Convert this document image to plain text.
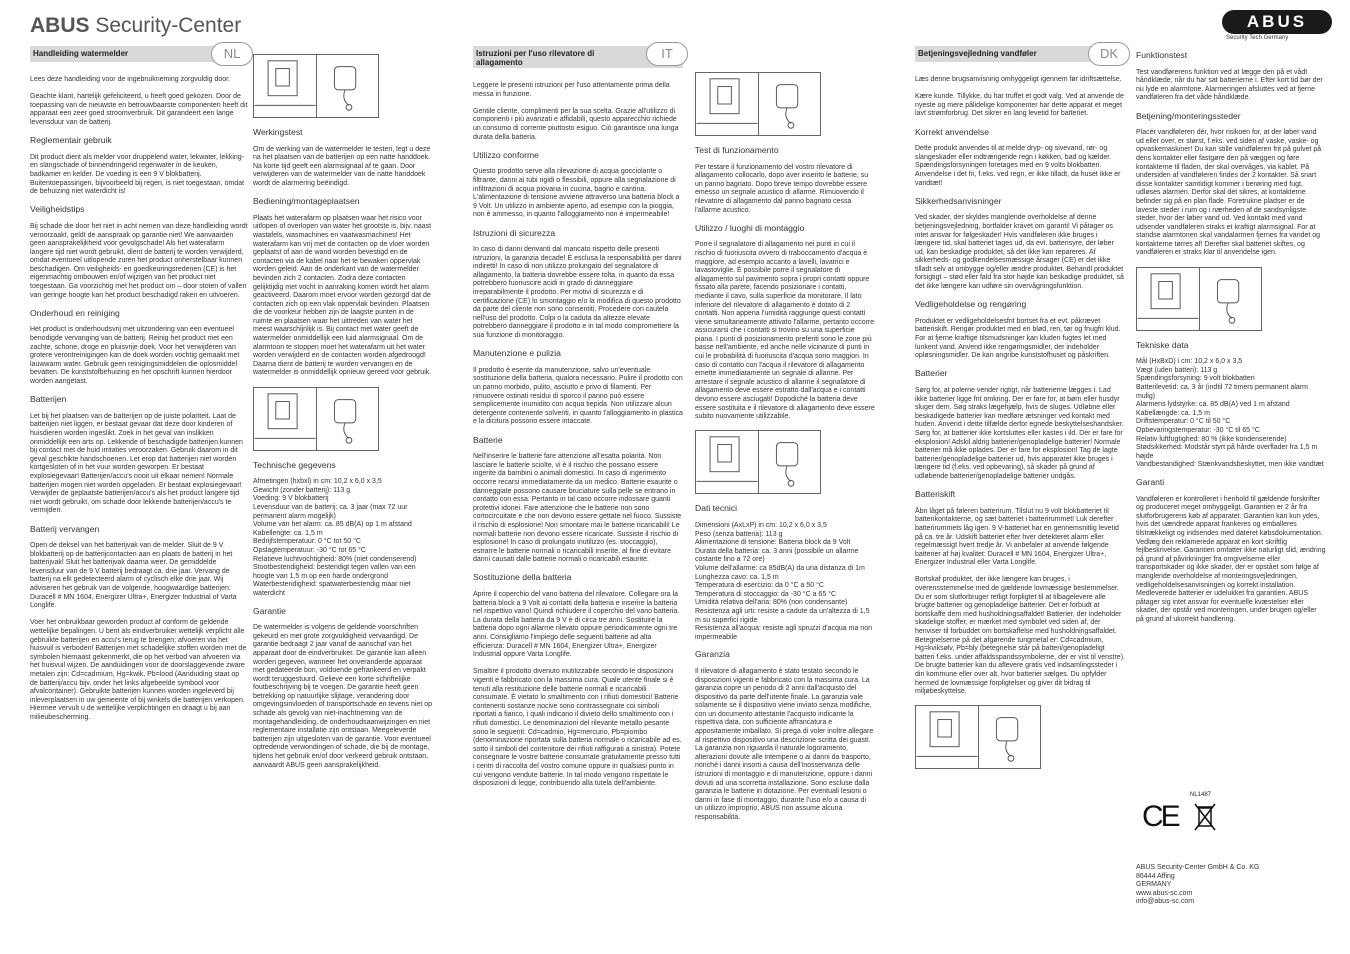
ABUS Security-Center	ABUS
Security Tech Germany
Handleiding watermelder	NL

Lees deze handleiding voor de ingebruikneming zorgvuldig door.

Geachte klant, hartelijk gefeliciteerd, u heeft goed gekozen. Door de toepassing van de nieuwste en betrouwbaarste componenten heeft dit apparaat een zeer goed stroomverbruik. Dit garandeert een lange levensduur van de batterij.

Reglementair gebruik

Dit product dient als melder voor druppelend water, lekwater, lekking- en slangschade of binnendringend regenwater in de keuken, badkamer en kelder. De voeding is een 9 V blokbatterij. Buitentoepassingen, bijvoorbeeld bij regen, is niet toegestaan, omdat de behuizing niet waterdicht is!

Veiligheidstips

Bij schade die door het niet in acht nemen van deze handleiding wordt veroorzaakt, geldt de aanspraak op garantie niet! We aanvaarden geen aansprakelijkheid voor gevolgschade! Als het waterafarm langere tijd niet wordt gebruikt, dient de batterij te worden verwijderd, omdat eventueel uitlopende zuren het product onherstelbaar kunnen beschadigen. Om veiligheids- en goedkeuringsredenen (CE) is het eigenmachtig ombouwen en/of wijzigen van het product niet toegestaan. Ga voorzichtig met het product om – door stoten of vallen van geringe hoogte kan het product beschadigd raken en uitvoeren.

Onderhoud en reiniging

Het product is onderhoudsvrij met uitzondering van een eventueel benodigde vervanging van de batterij. Reinig het product met een zachte, schone, droge en pluisvrije doek. Voor het verwijderen van grotere verontreinigingen kan de doek worden vochtig gemaakt met lauwwarm water. Gebruik geen reinigingsmiddelen die oplosmiddel bevatten. De kunststofbehuizing en het opschrift kunnen hierdoor worden aangetast.

Batterijen

Let bij het plaatsen van de batterijen op de juiste polariteit. Laat de batterijen niet liggen, er bestaat gevaar dat deze door kinderen of huisdieren worden ingeslikt. Zoek in het geval van inslikken onmiddellijk een arts op. Lekkende of beschadigde batterijen kunnen bij contact met de huid irritaties veroorzaken. Gebruik daarom in dit geval geschikte handschoenen. Let erop dat batterijen niet worden kortgesloten of in het vuur worden geworpen. Er bestaat explosiegevaar! Batterijen/accu's nooit uit elkaar nemen! Normale batterijen mogen niet worden opgeladen. Er bestaat explosiegevaar! Verwijder de geplaatste batterijen/accu's als het product langere tijd niet wordt gebruikt, om schade door lekkende batterijen/accu's te vermijden.

Batterij vervangen

Open de deksel van het batterijvak van de melder. Sluit de 9 V blokbatterij op de batterijcontacten aan en plaats de batterij in het batterijvak! Sluit het batterijvak daarna weer. De gemiddelde levensduur van de 9 V batterij bedraagt ca. drie jaar. Vervang de batterij na elk gedetecteerd alarm of cyclisch elke drie jaar. Wij adviseren het gebruik van de volgende, hoogwaardige batterijen: Duracell # MN 1604, Energizer Ultra+, Energizer Industrial of Varta Longlife.

Voer het onbruikbaar geworden product af conform de geldende wettelijke bepalingen. U bent als eindverbruiker wettelijk verplicht alle gebruikte batterijen en accu's terug te brengen; afvoeren via het huisvuil is verboden! Batterijen met schadelijke stoffen worden met de symbolen hiernaast gekenmerkt, die op het verbod van afvoeren via het huisvuil wijzen. De aanduidingen voor de doorslaggevende zware metalen zijn: Cd=cadmium, Hg=kwik, Pb=lood (Aanduiding staat op de batterij/accu bijv. onder het links afgebeelde symbool voor afvalcontainer). Gebruikte batterijen kunnen worden ingeleverd bij inleverplaatsen in uw gemeente of bij winkels die batterijen verkopen. Hiermee vervult u de wettelijke verplichtingen en draagt u bij aan milieubescherming.

Werkingstest

Om de werking van de watermelder te testen, legt u deze na het plaatsen van de batterijen op een natte handdoek. Na korte tijd geeft een alarmsignaal af te gaan. Door verwijderen van de watermelder van de natte handdoek wordt de alarmering beëindigd.

Bediening/montageplaatsen

Plaats het waterafarm op plaatsen waar het risico voor uitlopen of overlopen van water het grootste is, bijv. naast wastafels, wasmachines en vaatwasmachines! Het waterafarm kan vrij met de contacten op de vloer worden geplaatst of aan de wand worden bevestigd en de contacten via de kabel naar het te bewaken oppervlak worden geleid. Aan de onderkant van de watermelder bevinden zich 2 contacten. Zodra deze contacten gelijktijdig met vocht in aanraking komen wordt het alarm geactiveerd. Daarom moet ervoor worden gezorgd dat de contacten zich op een vlak oppervlak bevinden. Plaatsen die de voorkeur hebben zijn de laagste punten in de ruimte en plaatsen waar het uittreden van water het meest waarschijnlijk is. Bij contact met water geeft de watermelder onmiddellijk een luid alarmsignaal. Om de alarmtoon te stoppen moet het waterafarm uit het water worden verwijderd en de contacten worden afgedroogd! Daarna dient de batterij te worden vervangen en de watermelder is onmiddellijk opnieuw gereed voor gebruik.

Technische gegevens
Afmetingen (hxbxl) in cm: 10,2 x 6,0 x 3,5
Gewicht (zonder batterij): 113 g
Voeding: 9 V blokbatterij
Levensduur van de batterij: ca. 3 jaar (max 72 uur permanent alarm mogelijk)
Volume van het alarm: ca. 85 dB(A) op 1 m afstand
Kabellengte: ca. 1,5 m
Bedrijfstemperatuur: 0 °C tot 50 °C
Opslagtemperatuur: -30 °C tot 65 °C
Relatieve luchtvochtigheid: 80% (niet condenserend)
Stootbestendigheid: bestendigt tegen vallen van een hoogte van 1,5 m op een harde ondergrond
Waterbestendigheid: spatwaterbestendig maar niet waterdicht
Garantie

De watermelder is volgens de geldende voorschriften gekeurd en met grote zorgvuldigheid vervaardigd. De garantie bedraagt 2 jaar vanaf de aanschaf van het apparaat door de eindverbruiker. De garantie kan alleen worden gegeven, wanneer het onveranderde apparaat met gedateerde bon, voldoende gefrankeerd en verpakt wordt teruggestuurd. Gelieve een korte schriftelijke foutbeschrijving bij te voegen. De garantie heeft geen betrekking op natuurlijke slijtage, verandering door omgevingsinvloeden of transportschade en tevens niet op schade als gevolg van niet-inachtneming van de montagehandleiding, de onderhoudsaanwijzingen en niet reglementaire installatie zijn ontstaan. Meegeleverde batterijen zijn uitgesloten van de garantie. Voor eventueel optredende verwondingen of schade, die bij de montage, tijdens het gebruik en/of door verkeerd gebruik ontstaan, aanvaardt ABUS geen aansprakelijkheid.

Istruzioni per l'uso rilevatore di allagamento
IT

Leggere le presenti istruzioni per l'uso attentamente prima della messa in funzione.

Gentile cliente, complimenti per la sua scelta. Grazie all'utilizzo di componenti i più avanzati e affidabili, questo apparecchio richiede un consumo di corrente piuttosto esiguo. Ciò garantisce una lunga durata della batteria.

Utilizzo conforme

Questo prodotto serve alla rilevazione di acqua gocciolante o filtrante, danni ai tubi rigidi o flessibili, oppure alla segnalazione di infiltrazioni di acqua piovana in cucina, bagno e cantina. L'alimentazione di tensione avviene attraverso una batteria block a 9 Volt. Un utilizzo in ambiente aperto, ad esempio con la pioggia, non è ammesso, in quanto l'alloggiamento non è impermeabile!

Istruzioni di sicurezza

In caso di danni derivanti dal mancato rispetto delle presenti istruzioni, la garanzia decade! È esclusa la responsabilità per danni indiretti! In caso di non utilizzo prolungato del segnalatore di allagamento, la batteria dovrebbe essere tolta, in quanto da essa potrebbero fuoriuscire acidi in grado di danneggiare irreparabilmente il prodotto. Per motivi di sicurezza e di certificazione (CE) lo smontaggio e/o la modifica di questo prodotto da parte del cliente non sono consentiti. Procedere con cautela nell'uso del prodotto. Colpi o la caduta da altezze elevate potrebbero danneggiare il prodotto e in tal modo compromettere la sua funzione di monitoraggio.

Manutenzione e pulizia

Il prodotto è esente da manutenzione, salvo un'eventuale sostituzione della batteria, qualora necessario. Pulire il prodotto con un panno morbido, pulito, asciutto e privo di filamenti. Per rimuovere ostinati residui di sporco il panno può essere semplicemente inumidito con acqua tiepida. Non utilizzare alcun detergente contenente solventi, in quanto l'alloggiamento in plastica e la dicitura possono essere intaccate.

Batterie

Nell'inserire le batterie fare attenzione all'esatta polarità. Non lasciare le batterie sciolte, vi è il rischio che possano essere ingerite da bambini o animali domestici. In caso di ingerimento occorre recarsi immediatamente da un medico. Batterie esaurite o danneggiate possono causare bruciature sulla pelle se entrano in contatto con essa. Pertanto in tal caso occorre indossare guanti protettivi idonei. Fare attenzione che le batterie non sono cortocircuitate e che non devono essere gettate nel fuoco. Sussiste il rischio di esplosione! Non smontare mai le batterie ricaricabili! Le normali batterie non devono essere ricaricate. Sussiste il rischio di esplosione! In caso di prolungato inutilizzo (es. stoccaggio), estrarre le batterie normali o ricaricabili inserite, al fine di evitare danni causati dalle batterie normali o ricaricabili esaurite.

Sostituzione della batteria

Aprire il coperchio del vano batteria del rilevatore. Collegare ora la batteria block a 9 Volt ai contatti della batteria e inserire la batteria nel rispettivo vano! Quindi richiudere il coperchio del vano batteria. La durata della batteria da 9 V è di circa tre anni. Sostituire la batteria dopo ogni allarme rilevato oppure periodicamente ogni tre anni. Consigliamo l'impiego delle seguenti batterie ad alta efficienza: Duracell # MN 1604, Energizer Ultra+, Energizer Industrial oppure Varta Longlife.

Smaltire il prodotto divenuto inutilizzabile secondo le disposizioni vigenti e fabbricato con la massima cura. Quale utente finale si è tenuti alla restituzione delle batterie normali e ricaricabili consumate. È vietato lo smaltimento con i rifiuti domestici! Batterie contenenti sostanze nocive sono contrassegnate coi simboli riportati a fianco, i quali indicano il divieto dello smaltimento con i rifiuti domestici. Le denominazioni del rilevante metallo pesante sono le seguenti: Cd=cadmio, Hg=mercurio, Pb=piombo (denominazione riportata sulla batteria normale o ricaricabile ad es. sotto il simboli del contenitore dei rifiuti raffigurati a sinistra). Potete consegnare le vostre batterie consumate gratuitamente presso tutti i centri di raccolta del vostro comune oppure in qualsiasi punto in cui vengono vendute batterie. In tal modo vengono rispettate le disposizioni di legge, contribuendo alla tutela dell'ambiente.

Test di funzionamento

Per testare il funzionamento del vostro rilevatore di allagamento collocarlo, dopo aver inserito le batterie, su un panno bagnato. Dopo breve tempo dovrebbe essere emesso un segnale acustico di allarme. Rimuovendo il rilevatore di allagamento dal panno bagnato cessa l'allarme acustico.

Utilizzo / luoghi di montaggio

Porre il segnalatore di allagamento nei punti in cui il rischio di fuoriuscita ovvero di traboccamento d'acqua è maggiore, ad esempio accanto a lavelli, lavatrici e lavastoviglie. È possibile porre il segnalatore di allagamento sul pavimento sopra i propri contatti oppure fissato alla parete, facendo posizionare i contatti, mediante il cavo, sulla superficie da monitorare. Il lato inferiore del rilevatore di allagamento è dotato di 2 contatti. Non appena l'umidità raggiunge questi contatti viene simultaneamente attivato l'allarme, pertanto occorre assicurarsi che i contatti si trovino su una superficie piana. I punti di posizionamento preferiti sono le zone più basse nell'ambiente, ed anche nelle vicinanze di punti in cui le probabilità di fuoriuscita d'acqua sono maggiori. In caso di contatto con l'acqua il rilevatore di allagamento emette immediatamente un segnale di allarme. Per arrestare il segnale acustico di allarme il segnalatore di allagamento deve essere estratto dall'acqua e i contatti devono essere asciugati! Dopodiché la batteria deve essere sostituita e il rilevatore di allagamento deve essere subito nuovamente utilizzabile.

Dati tecnici
Dimensioni (AxLxP) in cm: 10,2 x 6,0 x 3,5
Peso (senza batteria): 113 g
Alimentazione di tensione: Batteria block da 9 Volt
Durata della batteria: ca. 3 anni (possibile un allarme costante fino a 72 ore)
Volume dell'allarme: ca 85dB(A) da una distanza di 1m
Lunghezza cavo: ca. 1,5 m
Temperatura di esercizio: da 0 °C a 50 °C
Temperatura di stoccaggio: da -30 °C a 65 °C
Umidità relativa dell'aria: 80% (non condensante)
Resistenza agli urti: resiste a cadute da un'altezza di 1,5 m su superfici rigide
Resistenza all'acqua: resiste agli spruzzi d'acqua ma non impermeabile
Garanzia

Il rilevatore di allagamento è stato testato secondo le disposizioni vigenti e fabbricato con la massima cura. La garanzia copre un periodo di 2 anni dall'acquisto del dispositivo da parte dell'utente finale. La garanzia vale solamente se il dispositivo viene inviato senza modifiche, con un documento attestante l'acquisto indicante la rispettiva data, con sufficiente affrancatura e appositamente imballato. Si prega di voler inoltre allegare al rispettivo dispositivo una descrizione scritta dei guasti. La garanzia non riguarda il naturale logoramento, alterazioni dovute alle intemperie o ai danni da trasporto, nonché i danni insorti a causa dell'inosservanza delle istruzioni di montaggio e di manutenzione, oppure i danni dovuti ad una scorretta installazione. Sono escluse dalla garanzia le batterie in dotazione. Per eventuali lesioni o danni in fase di montaggio, durante l'uso e/o a causa di un utilizzo improprio, ABUS non assume alcuna responsabilità.

Betjeningsvejledning vandføler	DK

Læs denne brugsanvisning omhyggeligt igennem før idriftsættelse.

Kære kunde. Tillykke, du har truffet et godt valg. Ved at anvende de nyeste og mere pålidelige komponenter har dette apparat et meget lavt strømforbrug. Det sikrer en lang levetid for batteriet.

Korrekt anvendelse

Dette produkt anvendes til at melde dryp- og sivevand, rør- og slangeskader eller indtrængende regn i køkken, bad og kælder. Spændingsforsyningen foretages med en 9 volts blokbatteri. Anvendelse i det fri, f.eks. ved regn, er ikke tilladt, da huset ikke er vandtæt!

Sikkerhedsanvisninger

Ved skader, der skyldes manglende overholdelse af denne betjeningsvejledning, bortfalder kravet om garanti! Vi påtager os intet ansvar for følgeskader! Hvis vandføleren ikke bruges i længere tid, skal batteriet tages ud, da evt. batterisyre, der løber ud, kan beskadige produktet, så det ikke kan repareres. Af sikkerheds- og godkendelsesmæssige årsager (CE) er det ikke tilladt selv at ombygge og/eller ændre produktet. Behandl produktet forsigtigt – stød eller fald fra stor højde kan beskadige produktet, så det ikke længere kan udføre sin overvågningsfunktion.

Vedligeholdelse og rengøring

Produktet er vedligeholdelsesfrit bortset fra et evt. påkrævet batteriskift. Rengør produktet med en blød, ren, tør og fnugfri klud. For at fjerne kraftige tilsmudsninger kan kluden fugtes let med lunkent vand. Anvend ikke rengøringsmidler, der indeholder opløsningsmidler. De kan angribe kunststofhuset og påskriften.

Batterier

Sørg for, at polerne vender rigtigt, når batterierne lægges i. Lad ikke batterier ligge frit omkring. Der er fare for, at børn eller husdyr sluger dem. Søg straks lægehjælp, hvis de sluges. Udløbne eller beskadigede batterier kan medføre ætsninger ved kontakt med huden. Anvend i dette tilfælde derfor egnede beskyttelseshandsker. Sørg for, at batterier ikke kortsluttes eller kastes i ild. Der er fare for eksplosion! Adskil aldrig batterier/genopladelige batterier! Normale batterier må ikke oplades. Der er fare for eksplosion! Tag de lagte batterier/genopladelige batterier ud, hvis apparatet ikke bruges i længere tid (f.eks. ved opbevaring), så skader på grund af udløbende batterier/genopladelige batterier undgås.

Batteriskift

Åbn låget på føleren batterirum. Tilslut nu 9 volt blokbatteriet til batterikontakterne, og sæt batteriet i batterirummet! Luk derefter batterirummets låg igen. 9 V-batteriet har en gennemsnitlig levetid på ca. tre år. Udskift batteriet efter hver detekteret alarm eller regelmæssigt hvert tredje år. Vi anbefaler at anvende følgende batterier af høj kvalitet: Duracell # MN 1604, Energizer Ultra+, Energizer Industrial eller Varta Longlife.

Bortskaf produktet, der ikke længere kan bruges, i overensstemmelse med de gældende lovmæssige bestemmelser. Du er som slutforbruger retligt forpligtet til at tilbagelevere alle brugte batterier og genopladelige batterier. Det er forbudt at bortskaffe dem med husholdningsaffaldet! Batterier, der indeholder skadelige stoffer, er mærket med symbolet ved siden af, der henviser til forbuddet om bortskaffelse med husholdningsaffaldet. Betegnelserne på det afgørende tungmetal er: Cd=cadmium, Hg=kviksølv, Pb=bly (betegnelse står på batteri/genopladeligt batteri f.eks. under affaldsspandssymbolerne, der er vist til venstre). De brugte batterier kan du aflevere gratis ved indsamlingssteder i din kommune eller over alt, hvor batterier sælges. Du opfylder hermed de lovmæssige forpligtelser og giver dit bidrag til miljøbeskyttelse.

Funktionstest

Test vandførerens funktion ved at lægge den på et vådt håndklæde, når du har sat batterierne i. Efter kort tid bør der nu lyde en alarmtone. Alarmeringen afsluttes ved at fjerne vandføleren fra det våde håndklæde.

Betjening/monteringssteder

Placér vandføleren dér, hvor risikoen for, at der løber vand ud eller over, er størst, f.eks. ved siden af vaske, vaske- og opvaskemaskiner! Du kan stille vandføleren frit på gulvet på dens kontakter eller fastgøre den på væggen og føre kontakterne til fladen, der skal overvåges, via kablet. På undersiden af vandføleren findes der 2 kontakter. Så snart disse kontakter samtidigt kommer i berøring med fugt, udløses alarmen. Derfor skal det sikres, at kontakterne befinder sig på en plan flade. Foretrukne pladser er de laveste steder i rum og i nærheden af de sandsynligste steder, hvor der løber vand ud. Ved kontakt med vand udsender vandføleren straks et kraftigt alarmsignal. For at standse alarmtonen skal vandalarmen fjernes fra vandet og kontakterne tørres af! Derefter skal batteriet skiftes, og vandføleren er straks klar til anvendelse igen.

Tekniske data
Mål (HxBxD) i cm: 10,2 x 6,0 x 3,5
Vægt (uden batteri): 113 g
Spændingsforsyning: 9 volt blokbatteri
Batterilevetid: ca. 3 år (indtil 72 timers permanent alarm mulig)
Alarmens lydstyrke: ca. 85 dB(A) ved 1 m afstand
Kabellængde: ca. 1,5 m
Driftstemperatur: 0 °C til 50 °C
Opbevaringstemperatur: -30 °C til 65 °C
Relativ luftfugtighed: 80 % (ikke kondenserende)
Stødsikkerhed: Modstår styrt på hårde overflader fra 1,5 m højde
Vandbestandighed: Stænkvandsbeskyttet, men ikke vandtæt
Garanti

Vandføleren er kontrolleret i henhold til gældende forskrifter og produceret meget omhyggeligt. Garantien er 2 år fra slutforbrugerens køb af apparatet. Garantien kan kun ydes, hvis det uændrede apparat frankeres og emballeres tilstrækkeligt og indsendes med dateret købsdokumentation. Vedlæg den reklamerede apparat en kort skriftlig fejlbeskrivelse. Garantien omfatter ikke naturligt slid, ændring på grund af påvirkninger fra omgivelserne eller transportskader og ikke skader, der er opstået som følge af manglende overholdelse af monteringsvejledningen, vedligeholdelsesanvisningen og korrekt installation. Medleverede batterier er udelukket fra garantien. ABUS påtager sig intet ansvar for eventuelle kvæstelser eller skader, der opstår ved monteringen, under brugen og/eller på grund af ukorrekt handlering.

CE
NL1487
ABUS Security-Center GmbH & Co. KG
86444 Affing
GERMANY
www.abus-sc.com
info@abus-sc.com
